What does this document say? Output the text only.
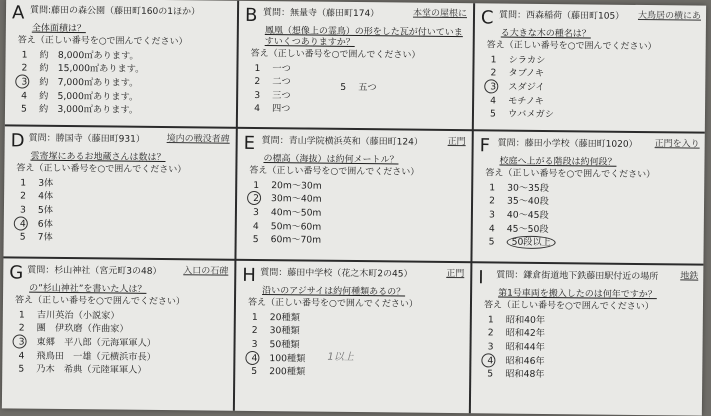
A 質問:藤田の森公園（藤田町160の1ほか）
全体面積は？
答え（正しい番号を○で囲んでください）
1	約　8,000㎡あります。
2	約　15,000㎡あります。
3	約　7,000㎡あります。
4	約　5,000㎡あります。
5	約　3,000㎡あります。
B 質問：無量寺（藤田町174）	本堂の屋根に
鳳凰（想像上の霊鳥）の形をした瓦が付いていますいくつありますか？
答え（正しい番号を○で囲んでください）
1	一つ
2	二つ
3	三つ
4	四つ
5 五つ
C 質問：西森稲荷（藤田町105） 大鳥居の横にあ
る大きな木の種名は？
答え（正しい番号を○で囲んでください）
1	シラカシ
2	タブノキ
3	スダジイ
4	モチノキ
5	ウバメガシ
D 質問：勝国寺（藤田町931） 境内の戦没者碑
雲寄塚にあるお地蔵さんは数は？
答え（正しい番号を○で囲んでください）
1	3体
2	4体
3	5体
4	6体
5	7体
E 質問：青山学院横浜英和（藤田町124）	正門
の標高（海抜）は約何メートル？
答え（正しい番号を○で囲んでください）
1	20m〜30m
2	30m〜40m
3	40m〜50m
4	50m〜60m
5	60m〜70m
F 質問：藤田小学校（藤田町1020） 正門を入り
校庭へ上がる階段は約何段？
答え（正しい番号を○で囲んでください）
1	30〜35段
2	35〜40段
3	40〜45段
4	45〜50段
5	50段以上
G 質問：杉山神社（宮元町3の48） 入口の石碑
の”杉山神社”を書いた人は？
答え（正しい番号を○で囲んでください）
1	吉川英治（小説家）
2	團　伊玖磨（作曲家）
3	東郷　平八郎（元海軍軍人）
4	飛鳥田　一雄（元横浜市長）
5	乃木　希典（元陸軍軍人）
H 質問：藤田中学校（花之木町2の45）	正門
沿いのアジサイは約何種類あるの？
答え（正しい番号を○で囲んでください）
1	20種類
2	30種類
3	50種類
4	100種類
5	200種類
1以上
I 質問：鎌倉街道地下鉄藤田駅付近の場所 地鉄
第1号車両を搬入したのは何年ですか？
答え（正しい番号を○で囲んでください）
1	昭和40年
2	昭和42年
3	昭和44年
4	昭和46年
5	昭和48年
